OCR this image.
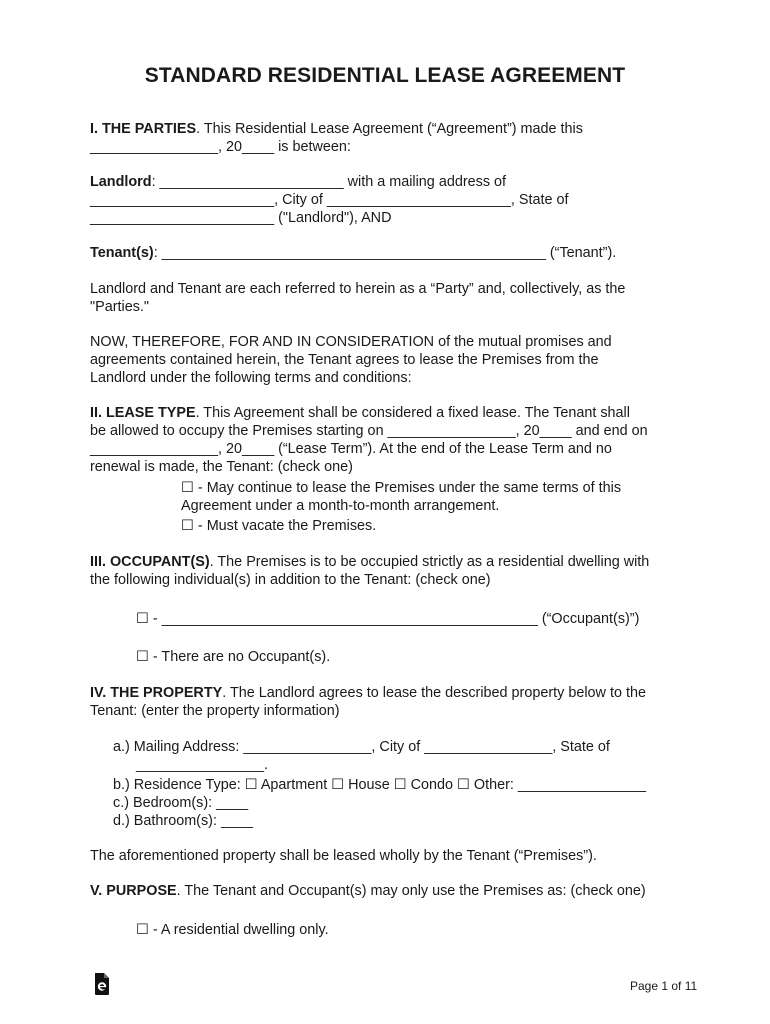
STANDARD RESIDENTIAL LEASE AGREEMENT
I. THE PARTIES. This Residential Lease Agreement (“Agreement”) made this
________________, 20____ is between:
Landlord: _______________________ with a mailing address of
_______________________, City of _______________________, State of
_______________________ ("Landlord"), AND
Tenant(s): ________________________________________________ (“Tenant”).
Landlord and Tenant are each referred to herein as a “Party” and, collectively, as the
"Parties."
NOW, THEREFORE, FOR AND IN CONSIDERATION of the mutual promises and
agreements contained herein, the Tenant agrees to lease the Premises from the
Landlord under the following terms and conditions:
II. LEASE TYPE. This Agreement shall be considered a fixed lease. The Tenant shall
be allowed to occupy the Premises starting on ________________, 20____ and end on
________________, 20____ (“Lease Term”). At the end of the Lease Term and no
renewal is made, the Tenant: (check one)
☐ - May continue to lease the Premises under the same terms of this
Agreement under a month-to-month arrangement.
☐ - Must vacate the Premises.
III. OCCUPANT(S). The Premises is to be occupied strictly as a residential dwelling with
the following individual(s) in addition to the Tenant: (check one)
☐ - _______________________________________________ (“Occupant(s)”)
☐ - There are no Occupant(s).
IV. THE PROPERTY. The Landlord agrees to lease the described property below to the
Tenant: (enter the property information)
a.) Mailing Address: ________________, City of ________________, State of
________________.
b.) Residence Type: ☐ Apartment ☐ House ☐ Condo ☐ Other: ________________
c.) Bedroom(s): ____
d.) Bathroom(s): ____
The aforementioned property shall be leased wholly by the Tenant (“Premises”).
V. PURPOSE. The Tenant and Occupant(s) may only use the Premises as: (check one)
☐ - A residential dwelling only.
Page 1 of 11
